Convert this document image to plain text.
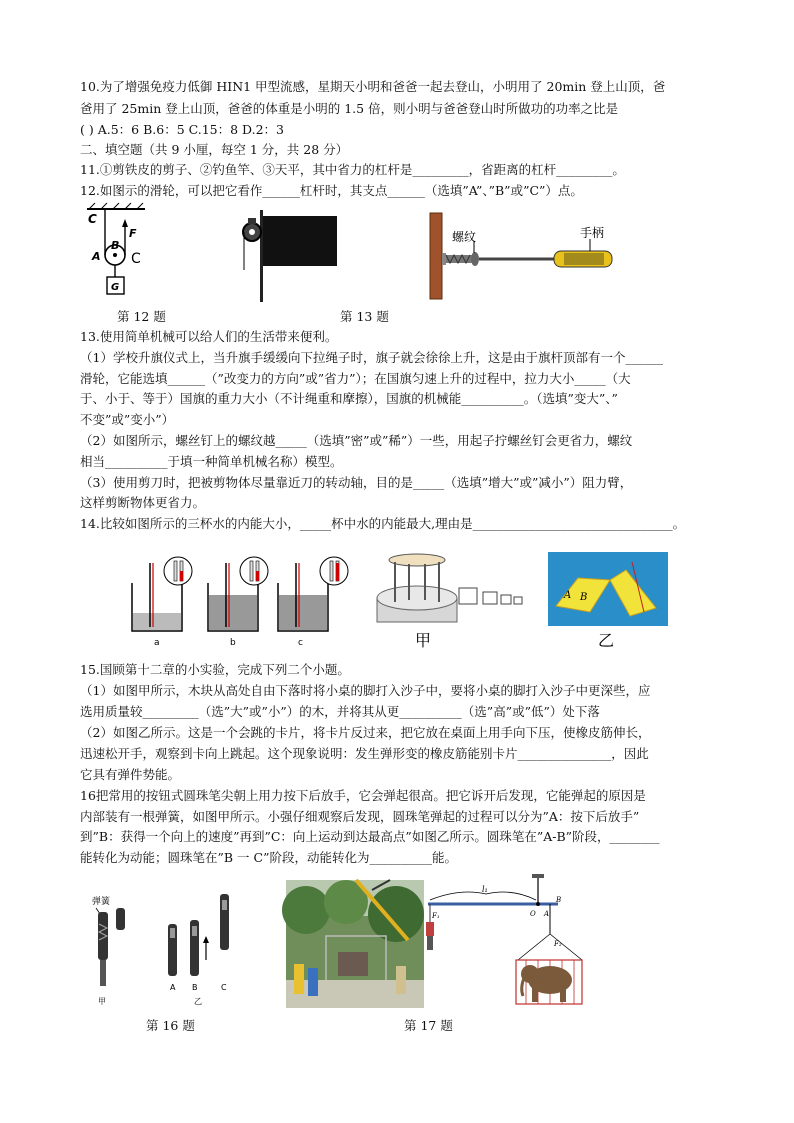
10.为了增强免疫力低御 HIN1 甲型流感，星期天小明和爸爸一起去登山，小明用了 20min 登上山顶，爸
爸用了 25min 登上山顶，爸爸的体重是小明的 1.5 倍，则小明与爸爸登山时所做功的功率之比是
( ) A.5：6 B.6：5 C.15：8 D.2：3
二、填空题（共 9 小厘，每空 1 分，共 28 分）
11.①剪铁皮的剪子、②钓鱼竿、③天平，其中省力的杠杆是_________，省距离的杠杆_________。
12.如图示的滑轮，可以把它看作______杠杆时，其支点______（选填”A”、”B”或”C”）点。
C
B
A
F
C
G
螺纹	手柄
第 12 题	第 13 题
13.使用简单机械可以给人们的生活带来便利。
（1）学校升旗仪式上，当升旗手缓缓向下拉绳子时，旗子就会徐徐上升，这是由于旗杆顶部有一个______
滑轮，它能选填______（”改变力的方向”或”省力”）；在国旗匀速上升的过程中，拉力大小_____（大
于、小于、等于）国旗的重力大小（不计绳重和摩擦），国旗的机械能__________。（选填”变大”、”
不变”或”变小”）
（2）如图所示，螺丝钉上的螺纹越_____（选填”密”或”稀”）一些，用起子拧螺丝钉会更省力，螺纹
相当__________于填一种简单机械名称）模型。
（3）使用剪刀时，把被剪物体尽量靠近刀的转动轴，目的是_____（选填”增大”或”减小”）阻力臂，
这样剪断物体更省力。
14.比较如图所示的三杯水的内能大小，_____杯中水的内能最大,理由是________________________________。
a	b	c	甲
A B
乙
15.国顾第十二章的小实验，完成下列二个小题。
（1）如图甲所示，木块从高处自由下落时将小桌的脚打入沙子中，要将小桌的脚打入沙子中更深些，应
选用质量较_________（选”大”或”小”）的木，并将其从更__________（选”高”或”低”）处下落
（2）如图乙所示。这是一个会跳的卡片，将卡片反过来，把它放在桌面上用手向下压，使橡皮筋伸长，
迅速松开手，观察到卡向上跳起。这个现象说明：发生弹形变的橡皮筋能别卡片_______________，因此
它具有弹件势能。
16把常用的按钮式圆珠笔尖朝上用力按下后放手，它会弹起很高。把它诉开后发现，它能弹起的原因是
内部装有一根弹簧，如图甲所示。小强仔细观察后发现，圆珠笔弹起的过程可以分为”A：按下后放手”
到”B：获得一个向上的速度”再到”C：向上运动到达最高点”如图乙所示。圆珠笔在”A-B”阶段，________
能转化为动能；圆珠笔在”B 一 C”阶段，动能转化为__________能。
弹簧
A B	C
甲	乙
l₁
O A
B
F₁
F₂
第 16 题	第 17 题
